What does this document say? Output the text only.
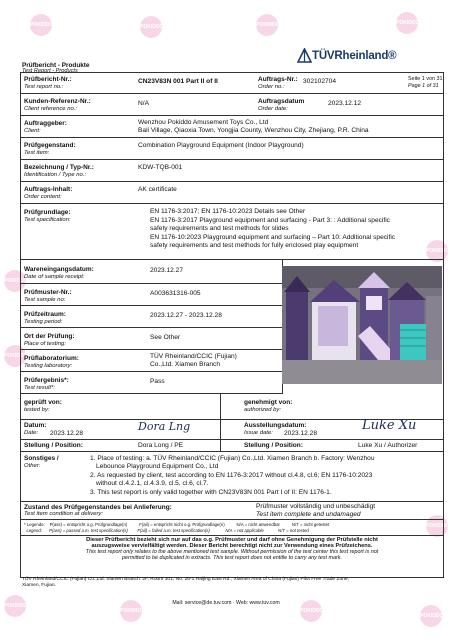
POKIDDO	POKIDDO	POKIDDO	POKIDDO
POKIDDO
POKIDDO
POKIDDO
POKIDDO
POKIDDO
POKIDDO	POKIDDO
POKIDDO
Prüfbericht - Produkte
Test Report - Products
TÜVRheinland®
Prüfbericht-Nr.:
Test report no.:
CN23V83N 001 Part II of II	Auftrags-Nr.:
Order no.:
302102704	Seite 1 von 31
Page 1 of 31
Kunden-Referenz-Nr.:
Client reference no.:
N/A	Auftragsdatum
Order date:
2023.12.12
Auftraggeber:
Client:
Wenzhou Pokiddo Amusement Toys Co., Ltd
Bali Village, Qiaoxia Town, Yongjia County, Wenzhou City, Zhejiang, P.R. China
Prüfgegenstand:
Test item:
Combination Playground Equipment (Indoor Playground)
Bezeichnung / Typ-Nr.:
Identification / Type no.:
KDW-TQB-001
Auftrags-Inhalt:
Order content:
AK certificate
Prüfgrundlage:
Test specification:
EN 1176-3:2017; EN 1176-10:2023 Details see Other
EN 1176-3:2017 Playground equipment and surfacing - Part 3: : Additional specific
safety requirements and test methods for slides
EN 1176-10:2023 Playground equipment and surfacing – Part 10: Additional specific
safety requirements and test methods for fully enclosed play equipment
Wareneingangsdatum:
Date of sample receipt:
2023.12.27
Prüfmuster-Nr.:
Test sample no:
A003631316-005
Prüfzeitraum:
Testing period:
2023.12.27 - 2023.12.28
Ort der Prüfung:
Place of testing:
See Other
Prüflaboratorium:
Testing laboratory:
TÜV Rheinland/CCIC (Fujian)
Co.,Ltd. Xiamen Branch
Prüfergebnis*:
Test result*:
Pass
geprüft von:
tested by:
genehmigt von:
authorized by:
Datum:
Date: 2023.12.28
Dora Lng	Ausstellungsdatum:
Issue date: 2023.12.28
Luke Xu
Stellung / Position:	Dora Long / PE	Stellung / Position:	Luke Xu / Authorizer
Sonstiges /
Other:
1. Place of testing: a. TÜV Rheinland/CCIC (Fujian) Co.,Ltd. Xiamen Branch b. Factory: Wenzhou
Lebounce Playground Equipment Co., Ltd
2. As requested by client, test according to EN 1176-3:2017 without cl.4.8, cl.6; EN 1176-10:2023
without cl.4.2.1, cl.4.3.9, cl.5, cl.6, cl.7.
3. This test report is only valid together with CN23V83N 001 Part I of II: EN 1176-1.
Zustand des Prüfgegenstandes bei Anlieferung:
Test item condition at delivery:
Prüfmuster vollständig und unbeschädigt
Test item complete and undamaged
* Legende:    P(ass) = entspricht o.g. Prüfgrundlage(n)          F(ail) = entspricht nicht o.g. Prüfgrundlage(n)          N/A = nicht anwendbar          N/T = nicht getestet
Legend:      P(ass) = passed a.m. test specification(s)        F(ail) = failed a.m. test specification(s)             N/A = not applicable            N/T = not tested
Dieser Prüfbericht bezieht sich nur auf das o.g. Prüfmuster und darf ohne Genehmigung der Prüfstelle nicht
auszugsweise vervielfältigt werden. Dieser Bericht berechtigt nicht zur Verwendung eines Prüfzeichens.
This test report only relates to the above mentioned test sample. Without permission of the test center this test report is not
permitted to be duplicated in extracts. This test report does not entitle to carry any test mark.
TÜV Rheinland/CCIC (Fujian) Co.,Ltd. Xiamen Branch: 2F, Room 101, No. 26-1 Haijing East Rd., Xiamen Area of China (Fujian) Pilot Free Trade Zone,
Xiamen, Fujian.
Mail: service@de.tuv.com · Web: www.tuv.com
